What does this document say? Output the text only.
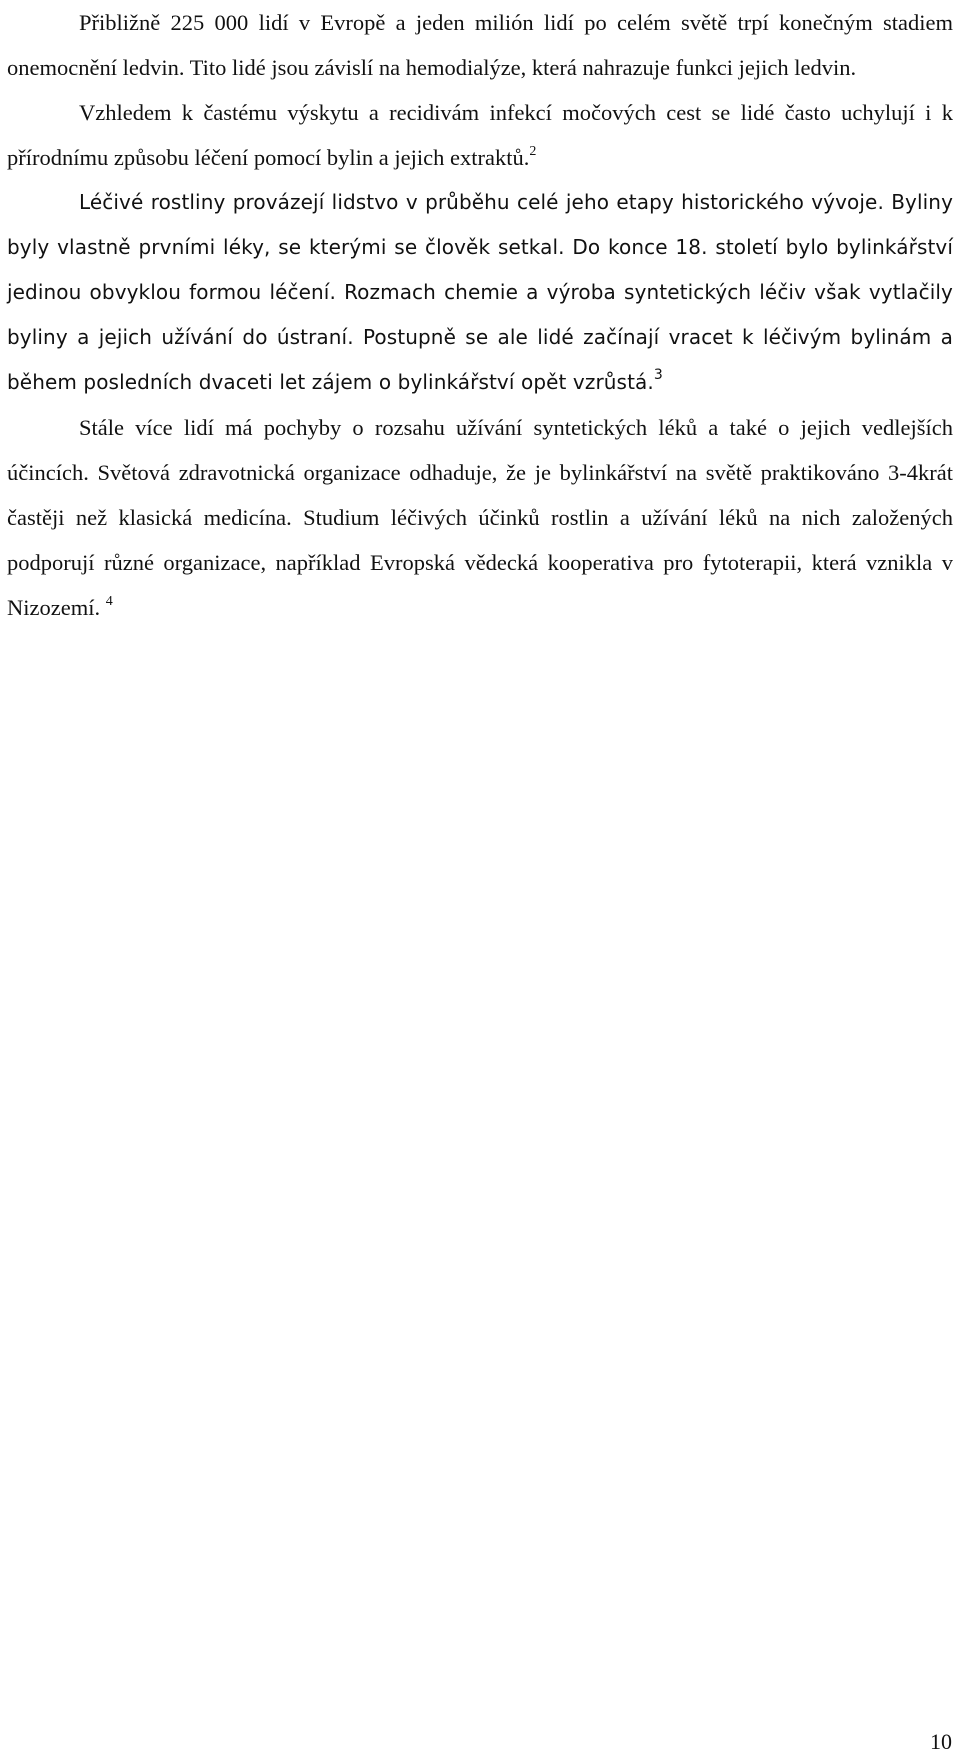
Přibližně 225 000 lidí v Evropě a jeden milión lidí po celém světě trpí konečným stadiem onemocnění ledvin. Tito lidé jsou závislí na hemodialýze, která nahrazuje funkci jejich ledvin.

Vzhledem k častému výskytu a recidivám infekcí močových cest se lidé často uchylují i k přírodnímu způsobu léčení pomocí bylin a jejich extraktů.$^2$

Léčivé rostliny provázejí lidstvo v průběhu celé jeho etapy historického vývoje. Byliny byly vlastně prvními léky, se kterými se člověk setkal. Do konce 18. století bylo bylinkářství jedinou obvyklou formou léčení. Rozmach chemie a výroba syntetických léčiv však vytlačily byliny a jejich užívání do ústraní. Postupně se ale lidé začínají vracet k léčivým bylinám a během posledních dvaceti let zájem o bylinkářství opět vzrůstá.$^3$

Stále více lidí má pochyby o rozsahu užívání syntetických léků a také o jejich vedlejších účincích. Světová zdravotnická organizace odhaduje, že je bylinkářství na světě praktikováno 3-4krát častěji než klasická medicína. Studium léčivých účinků rostlin a užívání léků na nich založených podporují různé organizace, například Evropská vědecká kooperativa pro fytoterapii, která vznikla v Nizozemí. $^4$

10
